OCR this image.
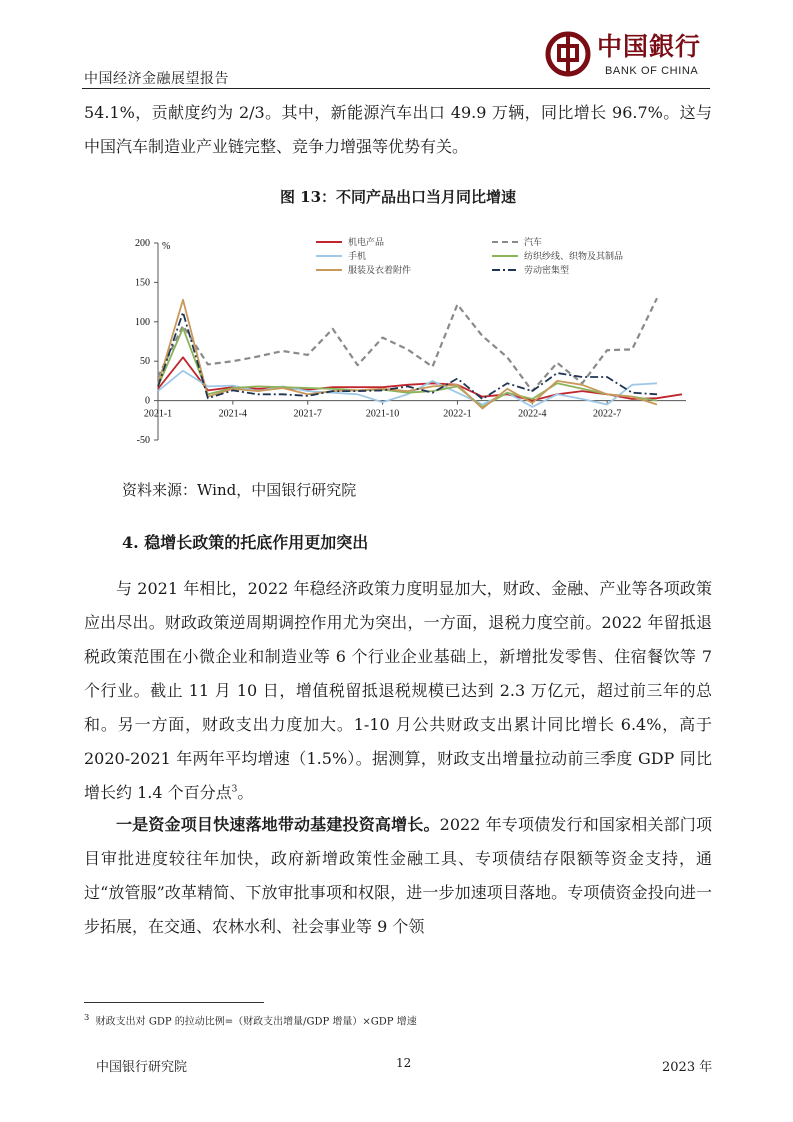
中国经济金融展望报告
中国銀行
BANK OF CHINA
54.1%，贡献度约为 2/3。其中，新能源汽车出口 49.9 万辆，同比增长 96.7%。这与中国汽车制造业产业链完整、竞争力增强等优势有关。
图 13：不同产品出口当月同比增速
200
150
100
50
0
-50
%
2021-1	2021-4	2021-7	2021-10	2022-1	2022-4	2022-7
机电产品	汽车
手机	纺织纱线、织物及其制品
服装及衣着附件	劳动密集型
资料来源：Wind，中国银行研究院
4. 稳增长政策的托底作用更加突出
与 2021 年相比，2022 年稳经济政策力度明显加大，财政、金融、产业等各项政策应出尽出。财政政策逆周期调控作用尤为突出，一方面，退税力度空前。2022 年留抵退税政策范围在小微企业和制造业等 6 个行业企业基础上，新增批发零售、住宿餐饮等 7 个行业。截止 11 月 10 日，增值税留抵退税规模已达到 2.3 万亿元，超过前三年的总和。另一方面，财政支出力度加大。1-10 月公共财政支出累计同比增长 6.4%，高于 2020-2021 年两年平均增速（1.5%）。据测算，财政支出增量拉动前三季度 GDP 同比增长约 1.4 个百分点$^3$。
一是资金项目快速落地带动基建投资高增长。2022 年专项债发行和国家相关部门项目审批进度较往年加快，政府新增政策性金融工具、专项债结存限额等资金支持，通过“放管服”改革精简、下放审批事项和权限，进一步加速项目落地。专项债资金投向进一步拓展，在交通、农林水利、社会事业等 9 个领
$^3$ 财政支出对 GDP 的拉动比例=（财政支出增量/GDP 增量）×GDP 增速
中国银行研究院	12	2023 年
